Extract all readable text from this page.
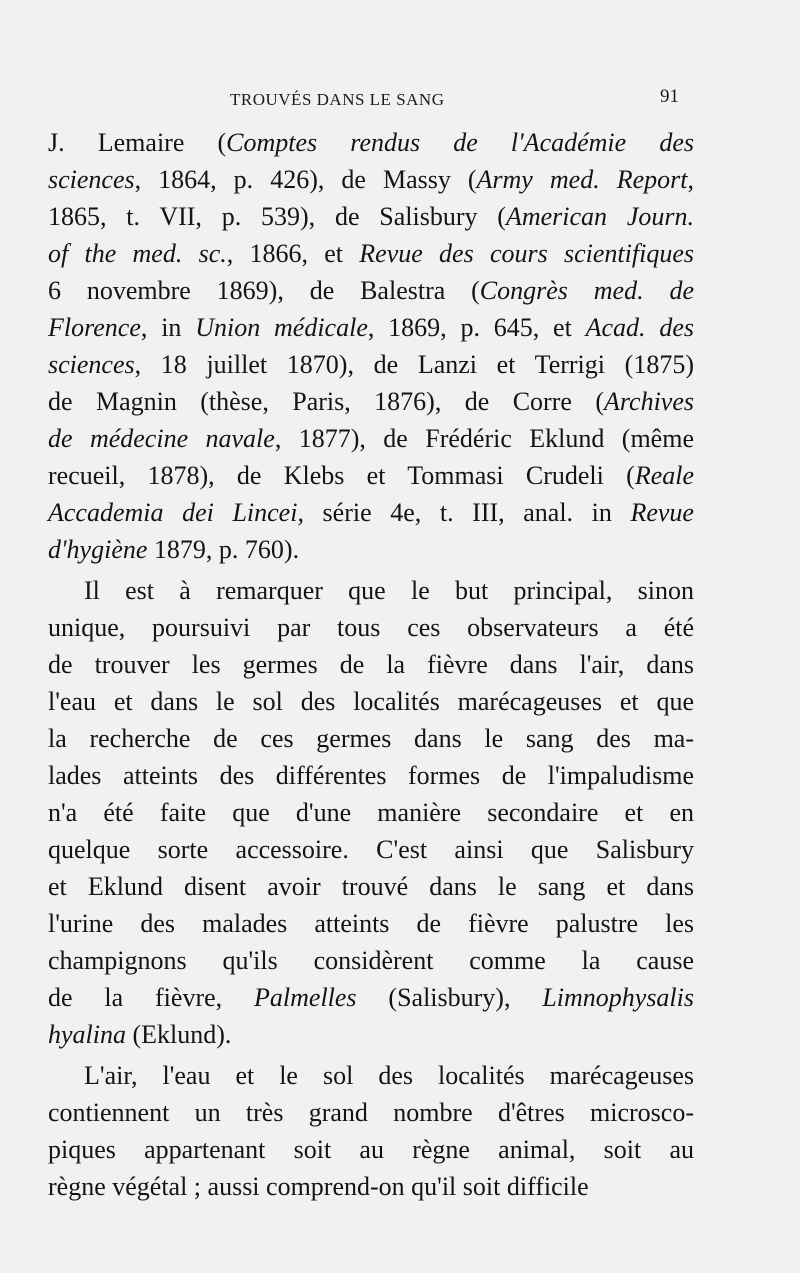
TROUVÉS DANS LE SANG	91
J. Lemaire (Comptes rendus de l'Académie des
sciences, 1864, p. 426), de Massy (Army med. Report,
1865, t. VII, p. 539), de Salisbury (American Journ.
of the med. sc., 1866, et Revue des cours scientifiques
6 novembre 1869), de Balestra (Congrès med. de
Florence, in Union médicale, 1869, p. 645, et Acad. des
sciences, 18 juillet 1870), de Lanzi et Terrigi (1875)
de Magnin (thèse, Paris, 1876), de Corre (Archives
de médecine navale, 1877), de Frédéric Eklund (même
recueil, 1878), de Klebs et Tommasi Crudeli (Reale
Accademia dei Lincei, série 4e, t. III, anal. in Revue
d'hygiène 1879, p. 760).
Il est à remarquer que le but principal, sinon
unique, poursuivi par tous ces observateurs a été
de trouver les germes de la fièvre dans l'air, dans
l'eau et dans le sol des localités marécageuses et que
la recherche de ces germes dans le sang des ma-
lades atteints des différentes formes de l'impaludisme
n'a été faite que d'une manière secondaire et en
quelque sorte accessoire. C'est ainsi que Salisbury
et Eklund disent avoir trouvé dans le sang et dans
l'urine des malades atteints de fièvre palustre les
champignons qu'ils considèrent comme la cause
de la fièvre, Palmelles (Salisbury), Limnophysalis
hyalina (Eklund).
L'air, l'eau et le sol des localités marécageuses
contiennent un très grand nombre d'êtres microsco-
piques appartenant soit au règne animal, soit au
règne végétal ; aussi comprend-on qu'il soit difficile
